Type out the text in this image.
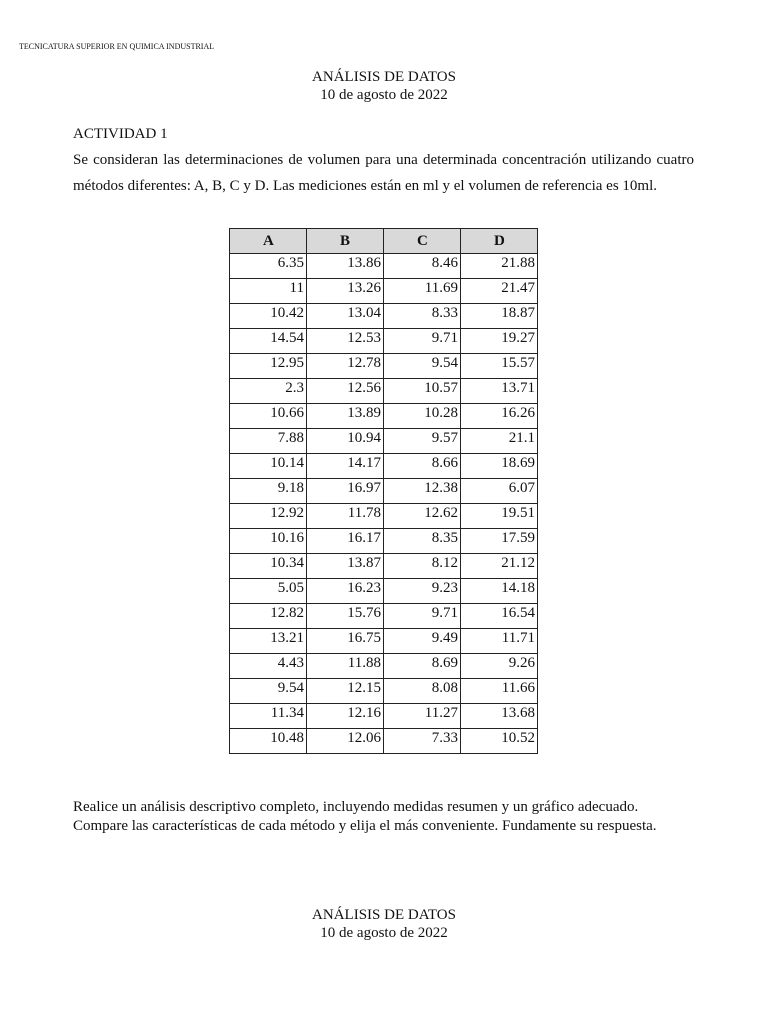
TECNICATURA SUPERIOR EN QUIMICA INDUSTRIAL
ANÁLISIS DE DATOS
10 de agosto de 2022
ACTIVIDAD 1
Se consideran las determinaciones de volumen para una determinada concentración utilizando cuatro métodos diferentes: A, B, C y D. Las mediciones están en ml y el volumen de referencia es 10ml.
A	B	C	D
6.35	13.86	8.46	21.88
11	13.26	11.69	21.47
10.42	13.04	8.33	18.87
14.54	12.53	9.71	19.27
12.95	12.78	9.54	15.57
2.3	12.56	10.57	13.71
10.66	13.89	10.28	16.26
7.88	10.94	9.57	21.1
10.14	14.17	8.66	18.69
9.18	16.97	12.38	6.07
12.92	11.78	12.62	19.51
10.16	16.17	8.35	17.59
10.34	13.87	8.12	21.12
5.05	16.23	9.23	14.18
12.82	15.76	9.71	16.54
13.21	16.75	9.49	11.71
4.43	11.88	8.69	9.26
9.54	12.15	8.08	11.66
11.34	12.16	11.27	13.68
10.48	12.06	7.33	10.52
Realice un análisis descriptivo completo, incluyendo medidas resumen y un gráfico adecuado.
Compare las características de cada método y elija el más conveniente. Fundamente su respuesta.
ANÁLISIS DE DATOS
10 de agosto de 2022
